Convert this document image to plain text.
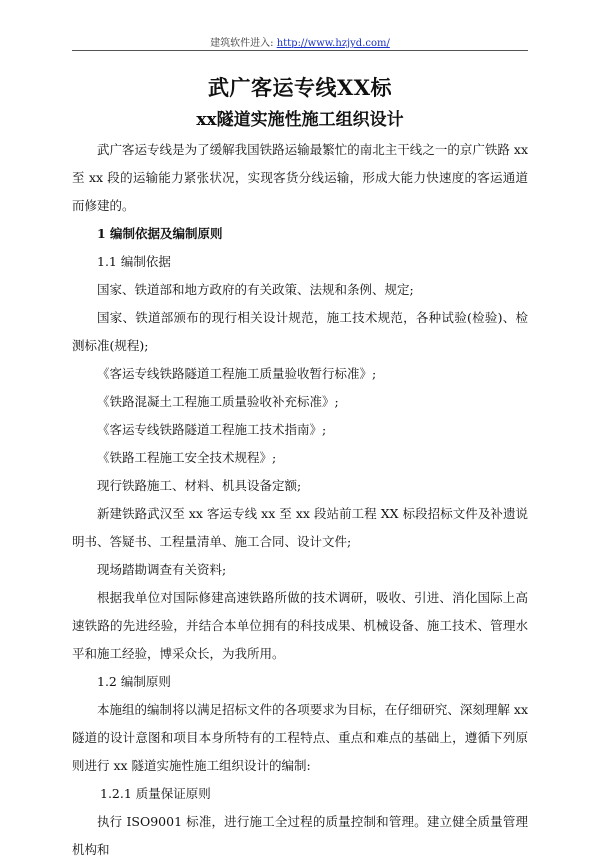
建筑软件进入: http://www.hzjyd.com/
武广客运专线XX标
xx隧道实施性施工组织设计

武广客运专线是为了缓解我国铁路运输最繁忙的南北主干线之一的京广铁路 xx 至 xx 段的运输能力紧张状况，实现客货分线运输，形成大能力快速度的客运通道而修建的。

1 编制依据及编制原则

1.1 编制依据

国家、铁道部和地方政府的有关政策、法规和条例、规定;

国家、铁道部颁布的现行相关设计规范，施工技术规范，各种试验(检验)、检测标准(规程);

《客运专线铁路隧道工程施工质量验收暂行标准》;

《铁路混凝土工程施工质量验收补充标准》;

《客运专线铁路隧道工程施工技术指南》;

《铁路工程施工安全技术规程》;

现行铁路施工、材料、机具设备定额;

新建铁路武汉至 xx 客运专线 xx 至 xx 段站前工程 XX 标段招标文件及补遗说明书、答疑书、工程量清单、施工合同、设计文件;

现场踏勘调查有关资料;

根据我单位对国际修建高速铁路所做的技术调研，吸收、引进、消化国际上高速铁路的先进经验，并结合本单位拥有的科技成果、机械设备、施工技术、管理水平和施工经验，博采众长，为我所用。

1.2 编制原则

本施组的编制将以满足招标文件的各项要求为目标，在仔细研究、深刻理解 xx 隧道的设计意图和项目本身所特有的工程特点、重点和难点的基础上，遵循下列原则进行 xx 隧道实施性施工组织设计的编制:

1.2.1 质量保证原则

执行 ISO9001 标准，进行施工全过程的质量控制和管理。建立健全质量管理机构和
